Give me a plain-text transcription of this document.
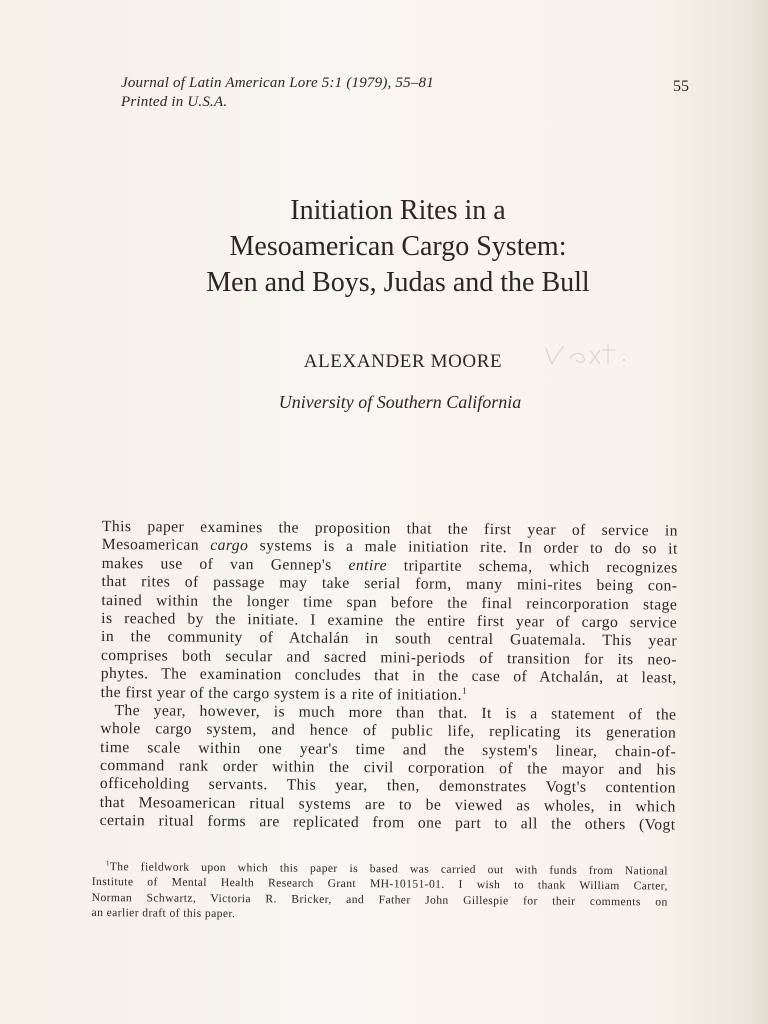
Journal of Latin American Lore 5:1 (1979), 55–81
Printed in U.S.A.
55
Initiation Rites in a
Mesoamerican Cargo System:
Men and Boys, Judas and the Bull
ALEXANDER MOORE
University of Southern California
This paper examines the proposition that the first year of service in
Mesoamerican cargo systems is a male initiation rite. In order to do so it
makes use of van Gennep's entire tripartite schema, which recognizes
that rites of passage may take serial form, many mini-rites being con-
tained within the longer time span before the final reincorporation stage
is reached by the initiate. I examine the entire first year of cargo service
in the community of Atchalán in south central Guatemala. This year
comprises both secular and sacred mini-periods of transition for its neo-
phytes. The examination concludes that in the case of Atchalán, at least,
the first year of the cargo system is a rite of initiation.$^1$
The year, however, is much more than that. It is a statement of the
whole cargo system, and hence of public life, replicating its generation
time scale within one year's time and the system's linear, chain-of-
command rank order within the civil corporation of the mayor and his
officeholding servants. This year, then, demonstrates Vogt's contention
that Mesoamerican ritual systems are to be viewed as wholes, in which
certain ritual forms are replicated from one part to all the others (Vogt
$^1$The fieldwork upon which this paper is based was carried out with funds from National
Institute of Mental Health Research Grant MH-10151-01. I wish to thank William Carter,
Norman Schwartz, Victoria R. Bricker, and Father John Gillespie for their comments on
an earlier draft of this paper.
